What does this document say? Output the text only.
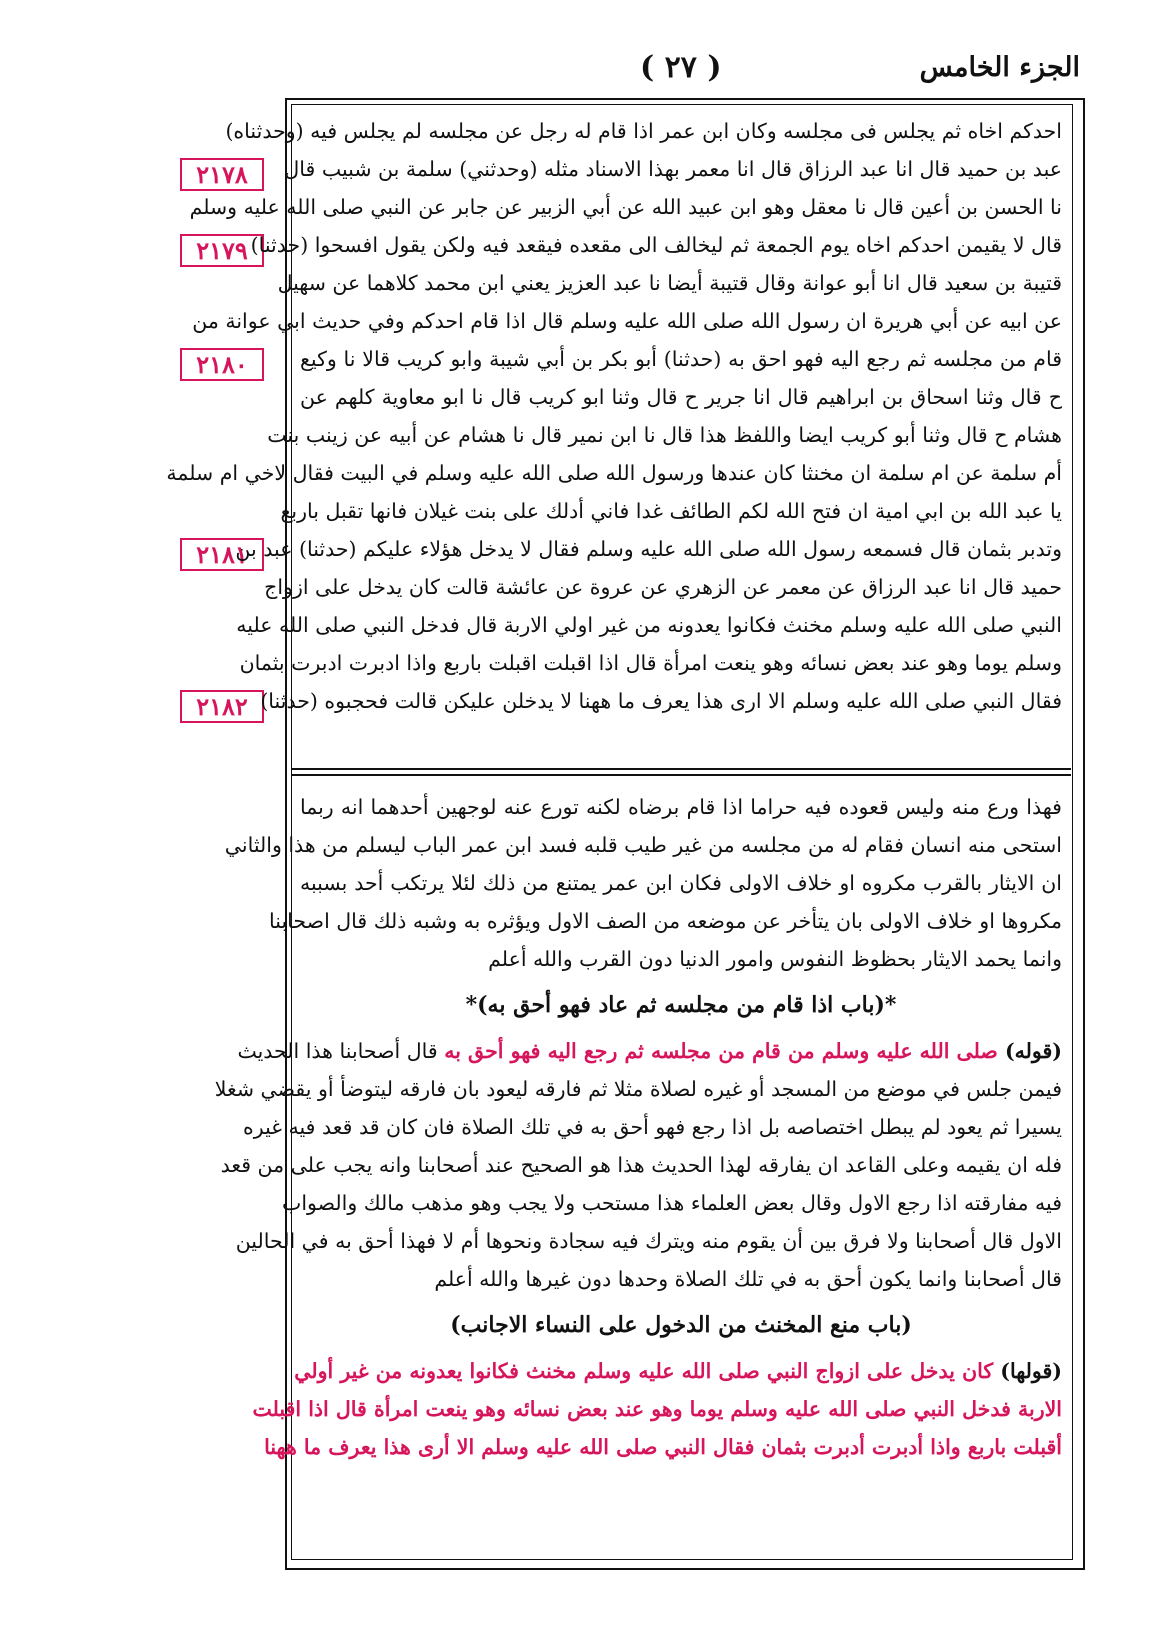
الجزء الخامس
( ٢٧ )
٢١٧٨
٢١٧٩
٢١٨٠
٢١٨١
٢١٨٢
احدكم اخاه ثم يجلس فى مجلسه وكان ابن عمر اذا قام له رجل عن مجلسه لم يجلس فيه (وحدثناه)
عبد بن حميد قال انا عبد الرزاق قال انا معمر بهذا الاسناد مثله (وحدثني) سلمة بن شبيب قال
نا الحسن بن أعين قال نا معقل وهو ابن عبيد الله عن أبي الزبير عن جابر عن النبي صلى الله عليه وسلم
قال لا يقيمن احدكم اخاه يوم الجمعة ثم ليخالف الى مقعده فيقعد فيه ولكن يقول افسحوا (حدثنا)
قتيبة بن سعيد قال انا أبو عوانة وقال قتيبة أيضا نا عبد العزيز يعني ابن محمد كلاهما عن سهيل
عن ابيه عن أبي هريرة ان رسول الله صلى الله عليه وسلم قال اذا قام احدكم وفي حديث ابي عوانة من
قام من مجلسه ثم رجع اليه فهو احق به (حدثنا) أبو بكر بن أبي شيبة وابو كريب قالا نا وكيع
ح قال وثنا اسحاق بن ابراهيم قال انا جرير ح قال وثنا ابو كريب قال نا ابو معاوية كلهم عن
هشام ح قال وثنا أبو كريب ايضا واللفظ هذا قال نا ابن نمير قال نا هشام عن أبيه عن زينب بنت
أم سلمة عن ام سلمة ان مخنثا كان عندها ورسول الله صلى الله عليه وسلم في البيت فقال لاخي ام سلمة
يا عبد الله بن ابي امية ان فتح الله لكم الطائف غدا فاني أدلك على بنت غيلان فانها تقبل باربع
وتدبر بثمان قال فسمعه رسول الله صلى الله عليه وسلم فقال لا يدخل هؤلاء عليكم (حدثنا) عبد بن
حميد قال انا عبد الرزاق عن معمر عن الزهري عن عروة عن عائشة قالت كان يدخل على ازواج
النبي صلى الله عليه وسلم مخنث فكانوا يعدونه من غير اولي الاربة قال فدخل النبي صلى الله عليه
وسلم يوما وهو عند بعض نسائه وهو ينعت امرأة قال اذا اقبلت اقبلت باربع واذا ادبرت ادبرت بثمان
فقال النبي صلى الله عليه وسلم الا ارى هذا يعرف ما ههنا لا يدخلن عليكن قالت فحجبوه (حدثنا)
فهذا ورع منه وليس قعوده فيه حراما اذا قام برضاه لكنه تورع عنه لوجهين أحدهما انه ربما
استحى منه انسان فقام له من مجلسه من غير طيب قلبه فسد ابن عمر الباب ليسلم من هذا والثاني
ان الايثار بالقرب مكروه او خلاف الاولى فكان ابن عمر يمتنع من ذلك لئلا يرتكب أحد بسببه
مكروها او خلاف الاولى بان يتأخر عن موضعه من الصف الاول ويؤثره به وشبه ذلك قال اصحابنا
وانما يحمد الايثار بحظوظ النفوس وامور الدنيا دون القرب والله أعلم
*(باب اذا قام من مجلسه ثم عاد فهو أحق به)*
(قوله) صلى الله عليه وسلم من قام من مجلسه ثم رجع اليه فهو أحق به قال أصحابنا هذا الحديث
فيمن جلس في موضع من المسجد أو غيره لصلاة مثلا ثم فارقه ليعود بان فارقه ليتوضأ أو يقضي شغلا
يسيرا ثم يعود لم يبطل اختصاصه بل اذا رجع فهو أحق به في تلك الصلاة فان كان قد قعد فيه غيره
فله ان يقيمه وعلى القاعد ان يفارقه لهذا الحديث هذا هو الصحيح عند أصحابنا وانه يجب على من قعد
فيه مفارقته اذا رجع الاول وقال بعض العلماء هذا مستحب ولا يجب وهو مذهب مالك والصواب
الاول قال أصحابنا ولا فرق بين أن يقوم منه ويترك فيه سجادة ونحوها أم لا فهذا أحق به في الحالين
قال أصحابنا وانما يكون أحق به في تلك الصلاة وحدها دون غيرها والله أعلم
(باب منع المخنث من الدخول على النساء الاجانب)
(قولها) كان يدخل على ازواج النبي صلى الله عليه وسلم مخنث فكانوا يعدونه من غير أولي
الاربة فدخل النبي صلى الله عليه وسلم يوما وهو عند بعض نسائه وهو ينعت امرأة قال اذا اقبلت
أقبلت باربع واذا أدبرت أدبرت بثمان فقال النبي صلى الله عليه وسلم الا أرى هذا يعرف ما ههنا
